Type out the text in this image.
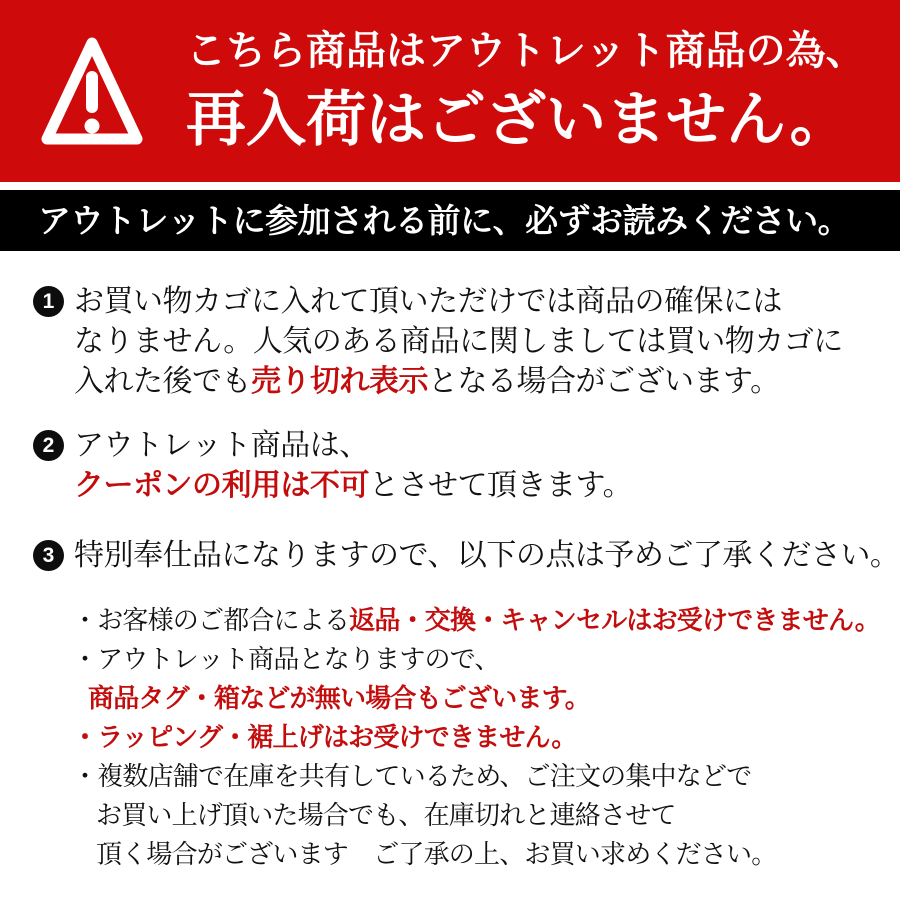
こちら商品はアウトレット商品の為、
再入荷はございません。
アウトレットに参加される前に、必ずお読みください。
1 お買い物カゴに入れて頂いただけでは商品の確保には
なりません。人気のある商品に関しましては買い物カゴに
入れた後でも売り切れ表示となる場合がございます。
2 アウトレット商品は、
クーポンの利用は不可とさせて頂きます。
3 特別奉仕品になりますので、以下の点は予めご了承ください。
・お客様のご都合による返品・交換・キャンセルはお受けできません。
・アウトレット商品となりますので、
商品タグ・箱などが無い場合もございます。
・ラッピング・裾上げはお受けできません。
・複数店舗で在庫を共有しているため、ご注文の集中などで
お買い上げ頂いた場合でも、在庫切れと連絡させて
頂く場合がございます　ご了承の上、お買い求めください。
